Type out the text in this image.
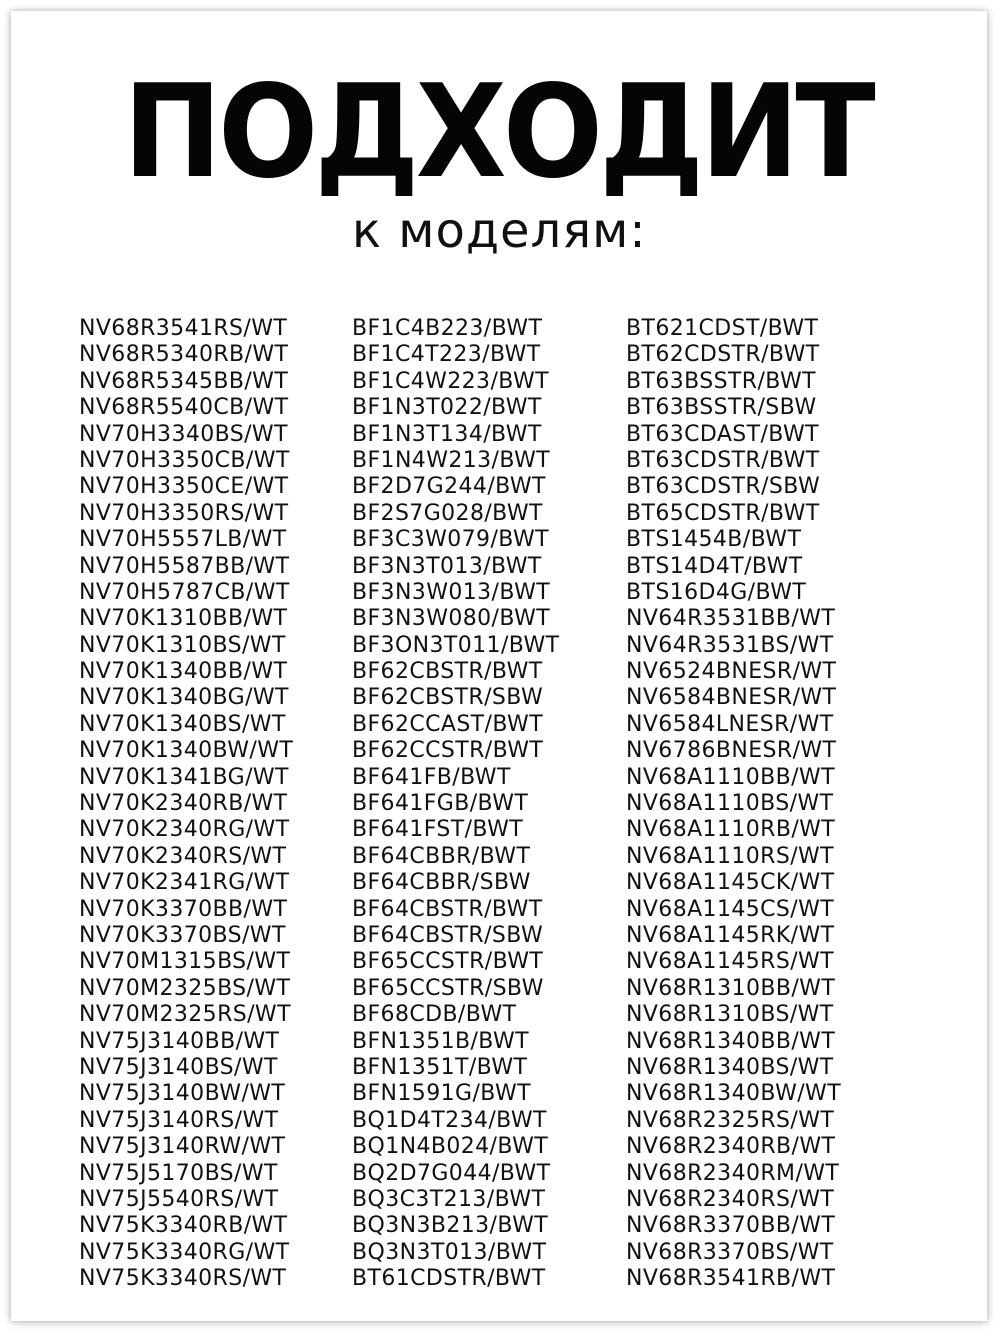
ПОДХОДИТ
к моделям:
NV68R3541RS/WT
NV68R5340RB/WT
NV68R5345BB/WT
NV68R5540CB/WT
NV70H3340BS/WT
NV70H3350CB/WT
NV70H3350CE/WT
NV70H3350RS/WT
NV70H5557LB/WT
NV70H5587BB/WT
NV70H5787CB/WT
NV70K1310BB/WT
NV70K1310BS/WT
NV70K1340BB/WT
NV70K1340BG/WT
NV70K1340BS/WT
NV70K1340BW/WT
NV70K1341BG/WT
NV70K2340RB/WT
NV70K2340RG/WT
NV70K2340RS/WT
NV70K2341RG/WT
NV70K3370BB/WT
NV70K3370BS/WT
NV70M1315BS/WT
NV70M2325BS/WT
NV70M2325RS/WT
NV75J3140BB/WT
NV75J3140BS/WT
NV75J3140BW/WT
NV75J3140RS/WT
NV75J3140RW/WT
NV75J5170BS/WT
NV75J5540RS/WT
NV75K3340RB/WT
NV75K3340RG/WT
NV75K3340RS/WT
BF1C4B223/BWT
BF1C4T223/BWT
BF1C4W223/BWT
BF1N3T022/BWT
BF1N3T134/BWT
BF1N4W213/BWT
BF2D7G244/BWT
BF2S7G028/BWT
BF3C3W079/BWT
BF3N3T013/BWT
BF3N3W013/BWT
BF3N3W080/BWT
BF3ON3T011/BWT
BF62CBSTR/BWT
BF62CBSTR/SBW
BF62CCAST/BWT
BF62CCSTR/BWT
BF641FB/BWT
BF641FGB/BWT
BF641FST/BWT
BF64CBBR/BWT
BF64CBBR/SBW
BF64CBSTR/BWT
BF64CBSTR/SBW
BF65CCSTR/BWT
BF65CCSTR/SBW
BF68CDB/BWT
BFN1351B/BWT
BFN1351T/BWT
BFN1591G/BWT
BQ1D4T234/BWT
BQ1N4B024/BWT
BQ2D7G044/BWT
BQ3C3T213/BWT
BQ3N3B213/BWT
BQ3N3T013/BWT
BT61CDSTR/BWT
BT621CDST/BWT
BT62CDSTR/BWT
BT63BSSTR/BWT
BT63BSSTR/SBW
BT63CDAST/BWT
BT63CDSTR/BWT
BT63CDSTR/SBW
BT65CDSTR/BWT
BTS1454B/BWT
BTS14D4T/BWT
BTS16D4G/BWT
NV64R3531BB/WT
NV64R3531BS/WT
NV6524BNESR/WT
NV6584BNESR/WT
NV6584LNESR/WT
NV6786BNESR/WT
NV68A1110BB/WT
NV68A1110BS/WT
NV68A1110RB/WT
NV68A1110RS/WT
NV68A1145CK/WT
NV68A1145CS/WT
NV68A1145RK/WT
NV68A1145RS/WT
NV68R1310BB/WT
NV68R1310BS/WT
NV68R1340BB/WT
NV68R1340BS/WT
NV68R1340BW/WT
NV68R2325RS/WT
NV68R2340RB/WT
NV68R2340RM/WT
NV68R2340RS/WT
NV68R3370BB/WT
NV68R3370BS/WT
NV68R3541RB/WT
